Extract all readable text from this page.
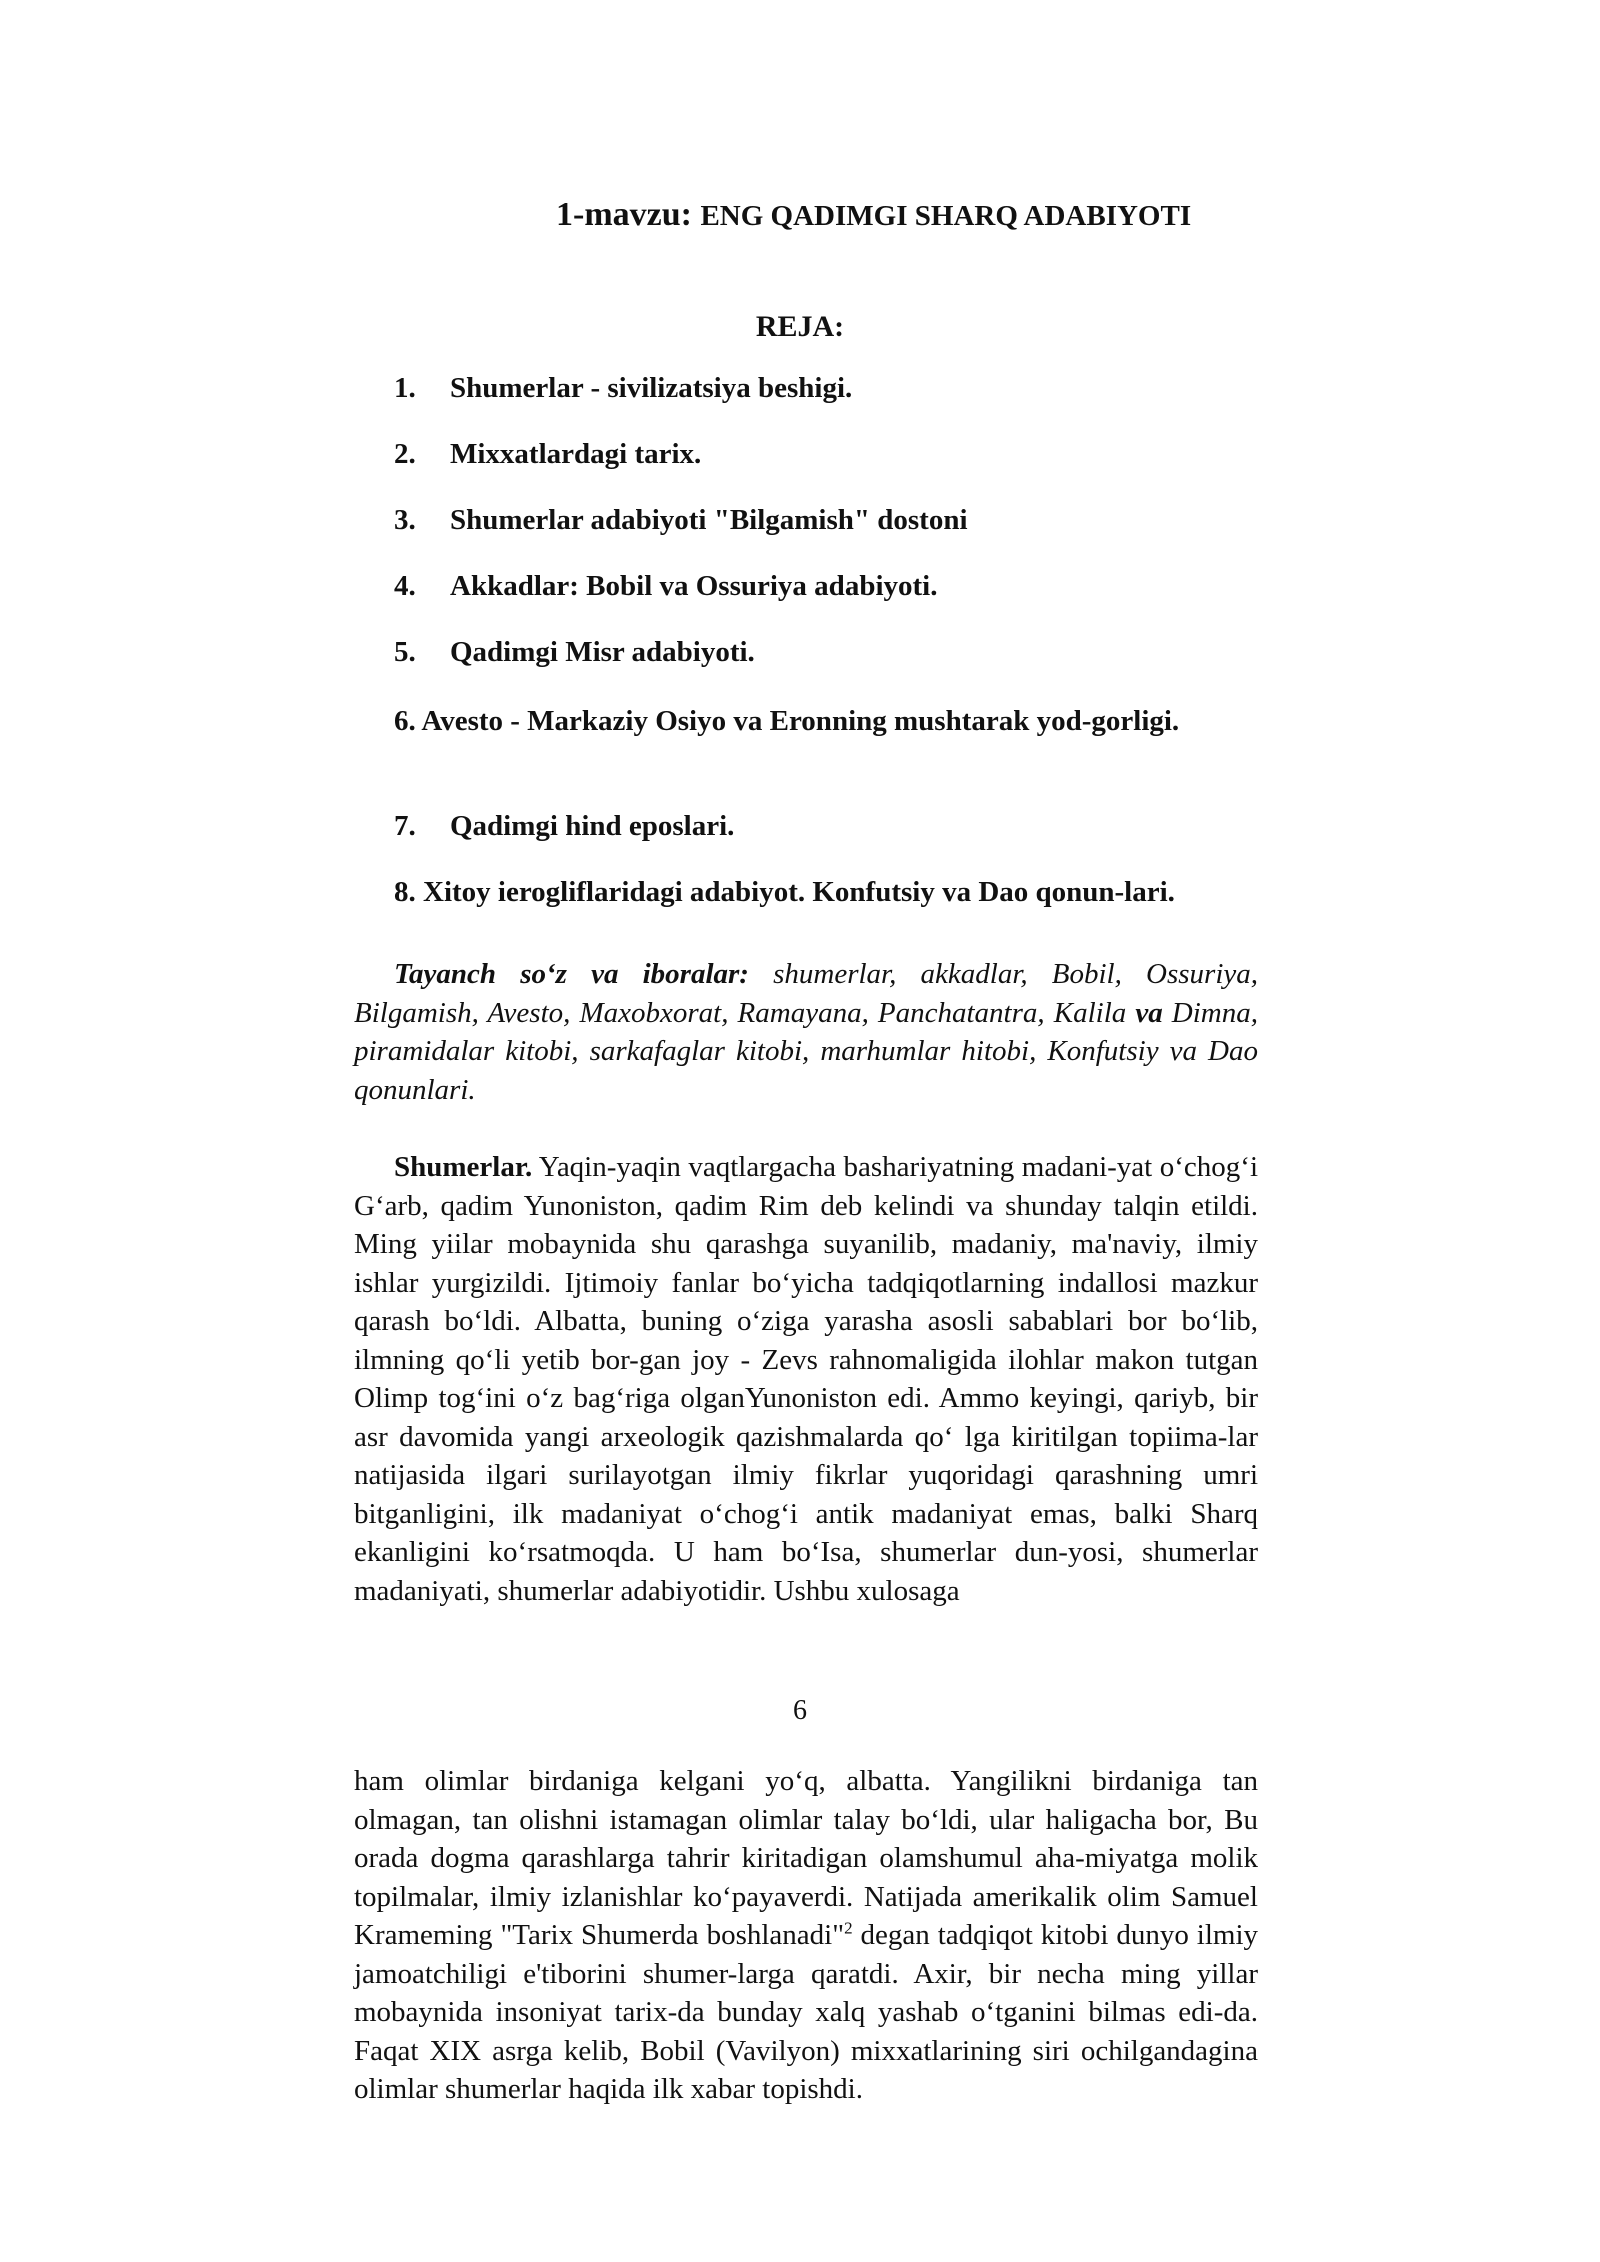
1-mavzu: ENG QADIMGI SHARQ ADABIYOTI
REJA:
1. Shumerlar - sivilizatsiya beshigi.
2. Mixxatlardagi tarix.
3. Shumerlar adabiyoti "Bilgamish" dostoni
4. Akkadlar: Bobil va Ossuriya adabiyoti.
5. Qadimgi Misr adabiyoti.
6. Avesto - Markaziy Osiyo va Eronning mushtarak yod-gorligi.
7. Qadimgi hind eposlari.
8. Xitoy ierogliflaridagi adabiyot. Konfutsiy va Dao qonun-lari.
Tayanch so‘z va iboralar: shumerlar, akkadlar, Bobil, Ossuriya, Bilgamish, Avesto, Maxobxorat, Ramayana, Panchatantra, Kalila va Dimna, piramidalar kitobi, sarkafaglar kitobi, marhumlar hitobi, Konfutsiy va Dao qonunlari.
Shumerlar. Yaqin-yaqin vaqtlargacha bashariyatning madani-yat o‘chog‘i G‘arb, qadim Yunoniston, qadim Rim deb kelindi va shunday talqin etildi. Ming yiilar mobaynida shu qarashga suyanilib, madaniy, ma'naviy, ilmiy ishlar yurgizildi. Ijtimoiy fanlar bo‘yicha tadqiqotlarning indallosi mazkur qarash bo‘ldi. Albatta, buning o‘ziga yarasha asosli sabablari bor bo‘lib, ilmning qo‘li yetib bor-gan joy - Zevs rahnomaligida ilohlar makon tutgan Olimp tog‘ini o‘z bag‘riga olganYunoniston edi. Ammo keyingi, qariyb, bir asr davomida yangi arxeologik qazishmalarda qo‘ lga kiritilgan topiima-lar natijasida ilgari surilayotgan ilmiy fikrlar yuqoridagi qarashning umri bitganligini, ilk madaniyat o‘chog‘i antik madaniyat emas, balki Sharq ekanligini ko‘rsatmoqda. U ham bo‘Isa, shumerlar dun-yosi, shumerlar madaniyati, shumerlar adabiyotidir. Ushbu xulosaga
6
ham olimlar birdaniga kelgani yo‘q, albatta. Yangilikni birdaniga tan olmagan, tan olishni istamagan olimlar talay bo‘ldi, ular haligacha bor, Bu orada dogma qarashlarga tahrir kiritadigan olamshumul aha-miyatga molik topilmalar, ilmiy izlanishlar ko‘payaverdi. Natijada amerikalik olim Samuel Krameming "Tarix Shumerda boshlanadi"$^2$ degan tadqiqot kitobi dunyo ilmiy jamoatchiligi e'tiborini shumer-larga qaratdi. Axir, bir necha ming yillar mobaynida insoniyat tarix-da bunday xalq yashab o‘tganini bilmas edi-da. Faqat XIX asrga kelib, Bobil (Vavilyon) mixxatlarining siri ochilgandagina olimlar shumerlar haqida ilk xabar topishdi.
